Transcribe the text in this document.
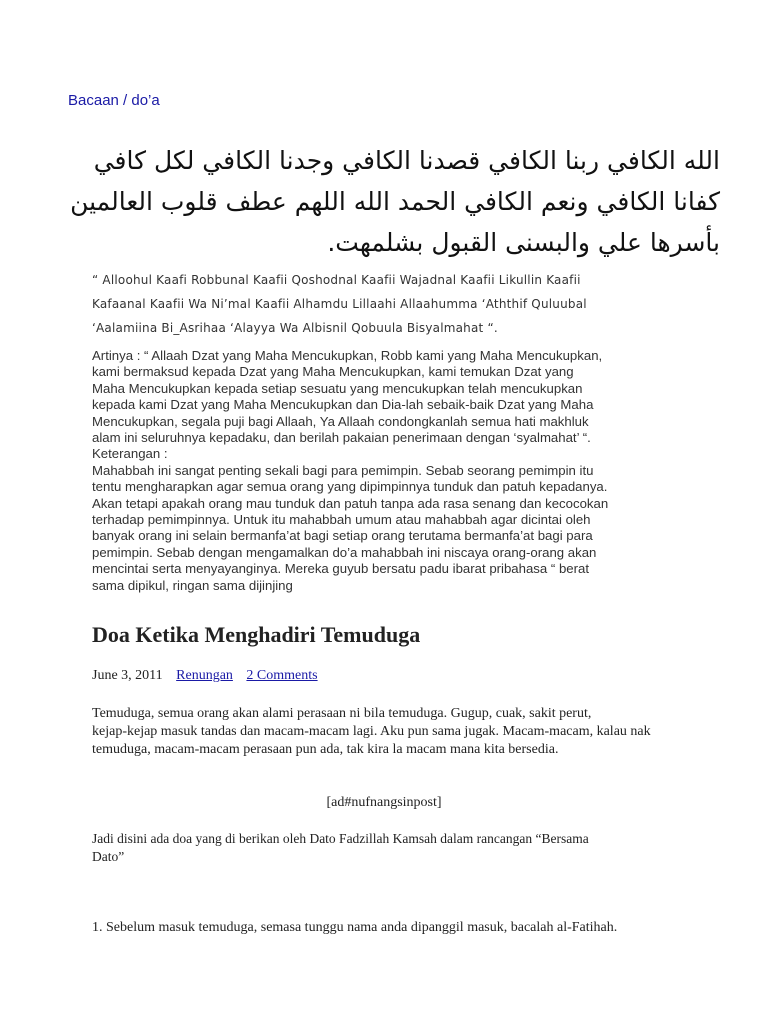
Bacaan / do’a
الله الكافي ربنا الكافي قصدنا الكافي وجدنا الكافي لكل كافي
كفانا الكافي ونعم الكافي الحمد الله اللهم عطف قلوب العالمين
بأسرها علي والبسنى القبول بشلمهت.
“ Alloohul Kaafi Robbunal Kaafii Qoshodnal Kaafii Wajadnal Kaafii Likullin Kaafii
Kafaanal Kaafii Wa Ni’mal Kaafii Alhamdu Lillaahi Allaahumma ‘Aththif Quluubal
‘Aalamiina Bi_Asrihaa ‘Alayya Wa Albisnil Qobuula Bisyalmahat “.
Artinya : “ Allaah Dzat yang Maha Mencukupkan, Robb kami yang Maha Mencukupkan,
kami bermaksud kepada Dzat yang Maha Mencukupkan, kami temukan Dzat yang
Maha Mencukupkan kepada setiap sesuatu yang mencukupkan telah mencukupkan
kepada kami Dzat yang Maha Mencukupkan dan Dia-lah sebaik-baik Dzat yang Maha
Mencukupkan, segala puji bagi Allaah, Ya Allaah condongkanlah semua hati makhluk
alam ini seluruhnya kepadaku, dan berilah pakaian penerimaan dengan ‘syalmahat’ “.
Keterangan :
Mahabbah ini sangat penting sekali bagi para pemimpin. Sebab seorang pemimpin itu
tentu mengharapkan agar semua orang yang dipimpinnya tunduk dan patuh kepadanya.
Akan tetapi apakah orang mau tunduk dan patuh tanpa ada rasa senang dan kecocokan
terhadap pemimpinnya. Untuk itu mahabbah umum atau mahabbah agar dicintai oleh
banyak orang ini selain bermanfa’at bagi setiap orang terutama bermanfa’at bagi para
pemimpin. Sebab dengan mengamalkan do’a mahabbah ini niscaya orang-orang akan
mencintai serta menyayanginya. Mereka guyub bersatu padu ibarat pribahasa “ berat
sama dipikul, ringan sama dijinjing
Doa Ketika Menghadiri Temuduga
June 3, 2011 Renungan 2 Comments
Temuduga, semua orang akan alami perasaan ni bila temuduga. Gugup, cuak, sakit perut,
kejap-kejap masuk tandas dan macam-macam lagi. Aku pun sama jugak. Macam-macam, kalau nak
temuduga, macam-macam perasaan pun ada, tak kira la macam mana kita bersedia.
[ad#nufnangsinpost]
Jadi disini ada doa yang di berikan oleh Dato Fadzillah Kamsah dalam rancangan “Bersama
Dato”
1. Sebelum masuk temuduga, semasa tunggu nama anda dipanggil masuk, bacalah al-Fatihah.
